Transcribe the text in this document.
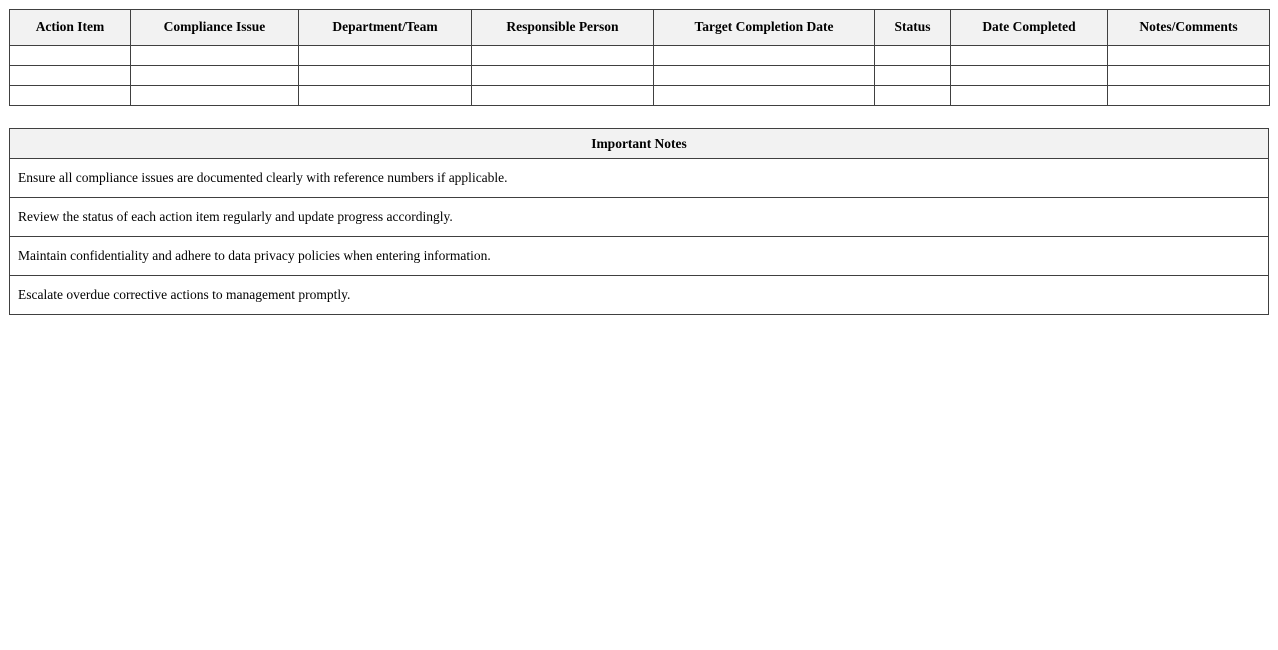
Action Item	Compliance Issue	Department/Team	Responsible Person	Target Completion Date	Status	Date Completed	Notes/Comments

Important Notes
Ensure all compliance issues are documented clearly with reference numbers if applicable.
Review the status of each action item regularly and update progress accordingly.
Maintain confidentiality and adhere to data privacy policies when entering information.
Escalate overdue corrective actions to management promptly.
